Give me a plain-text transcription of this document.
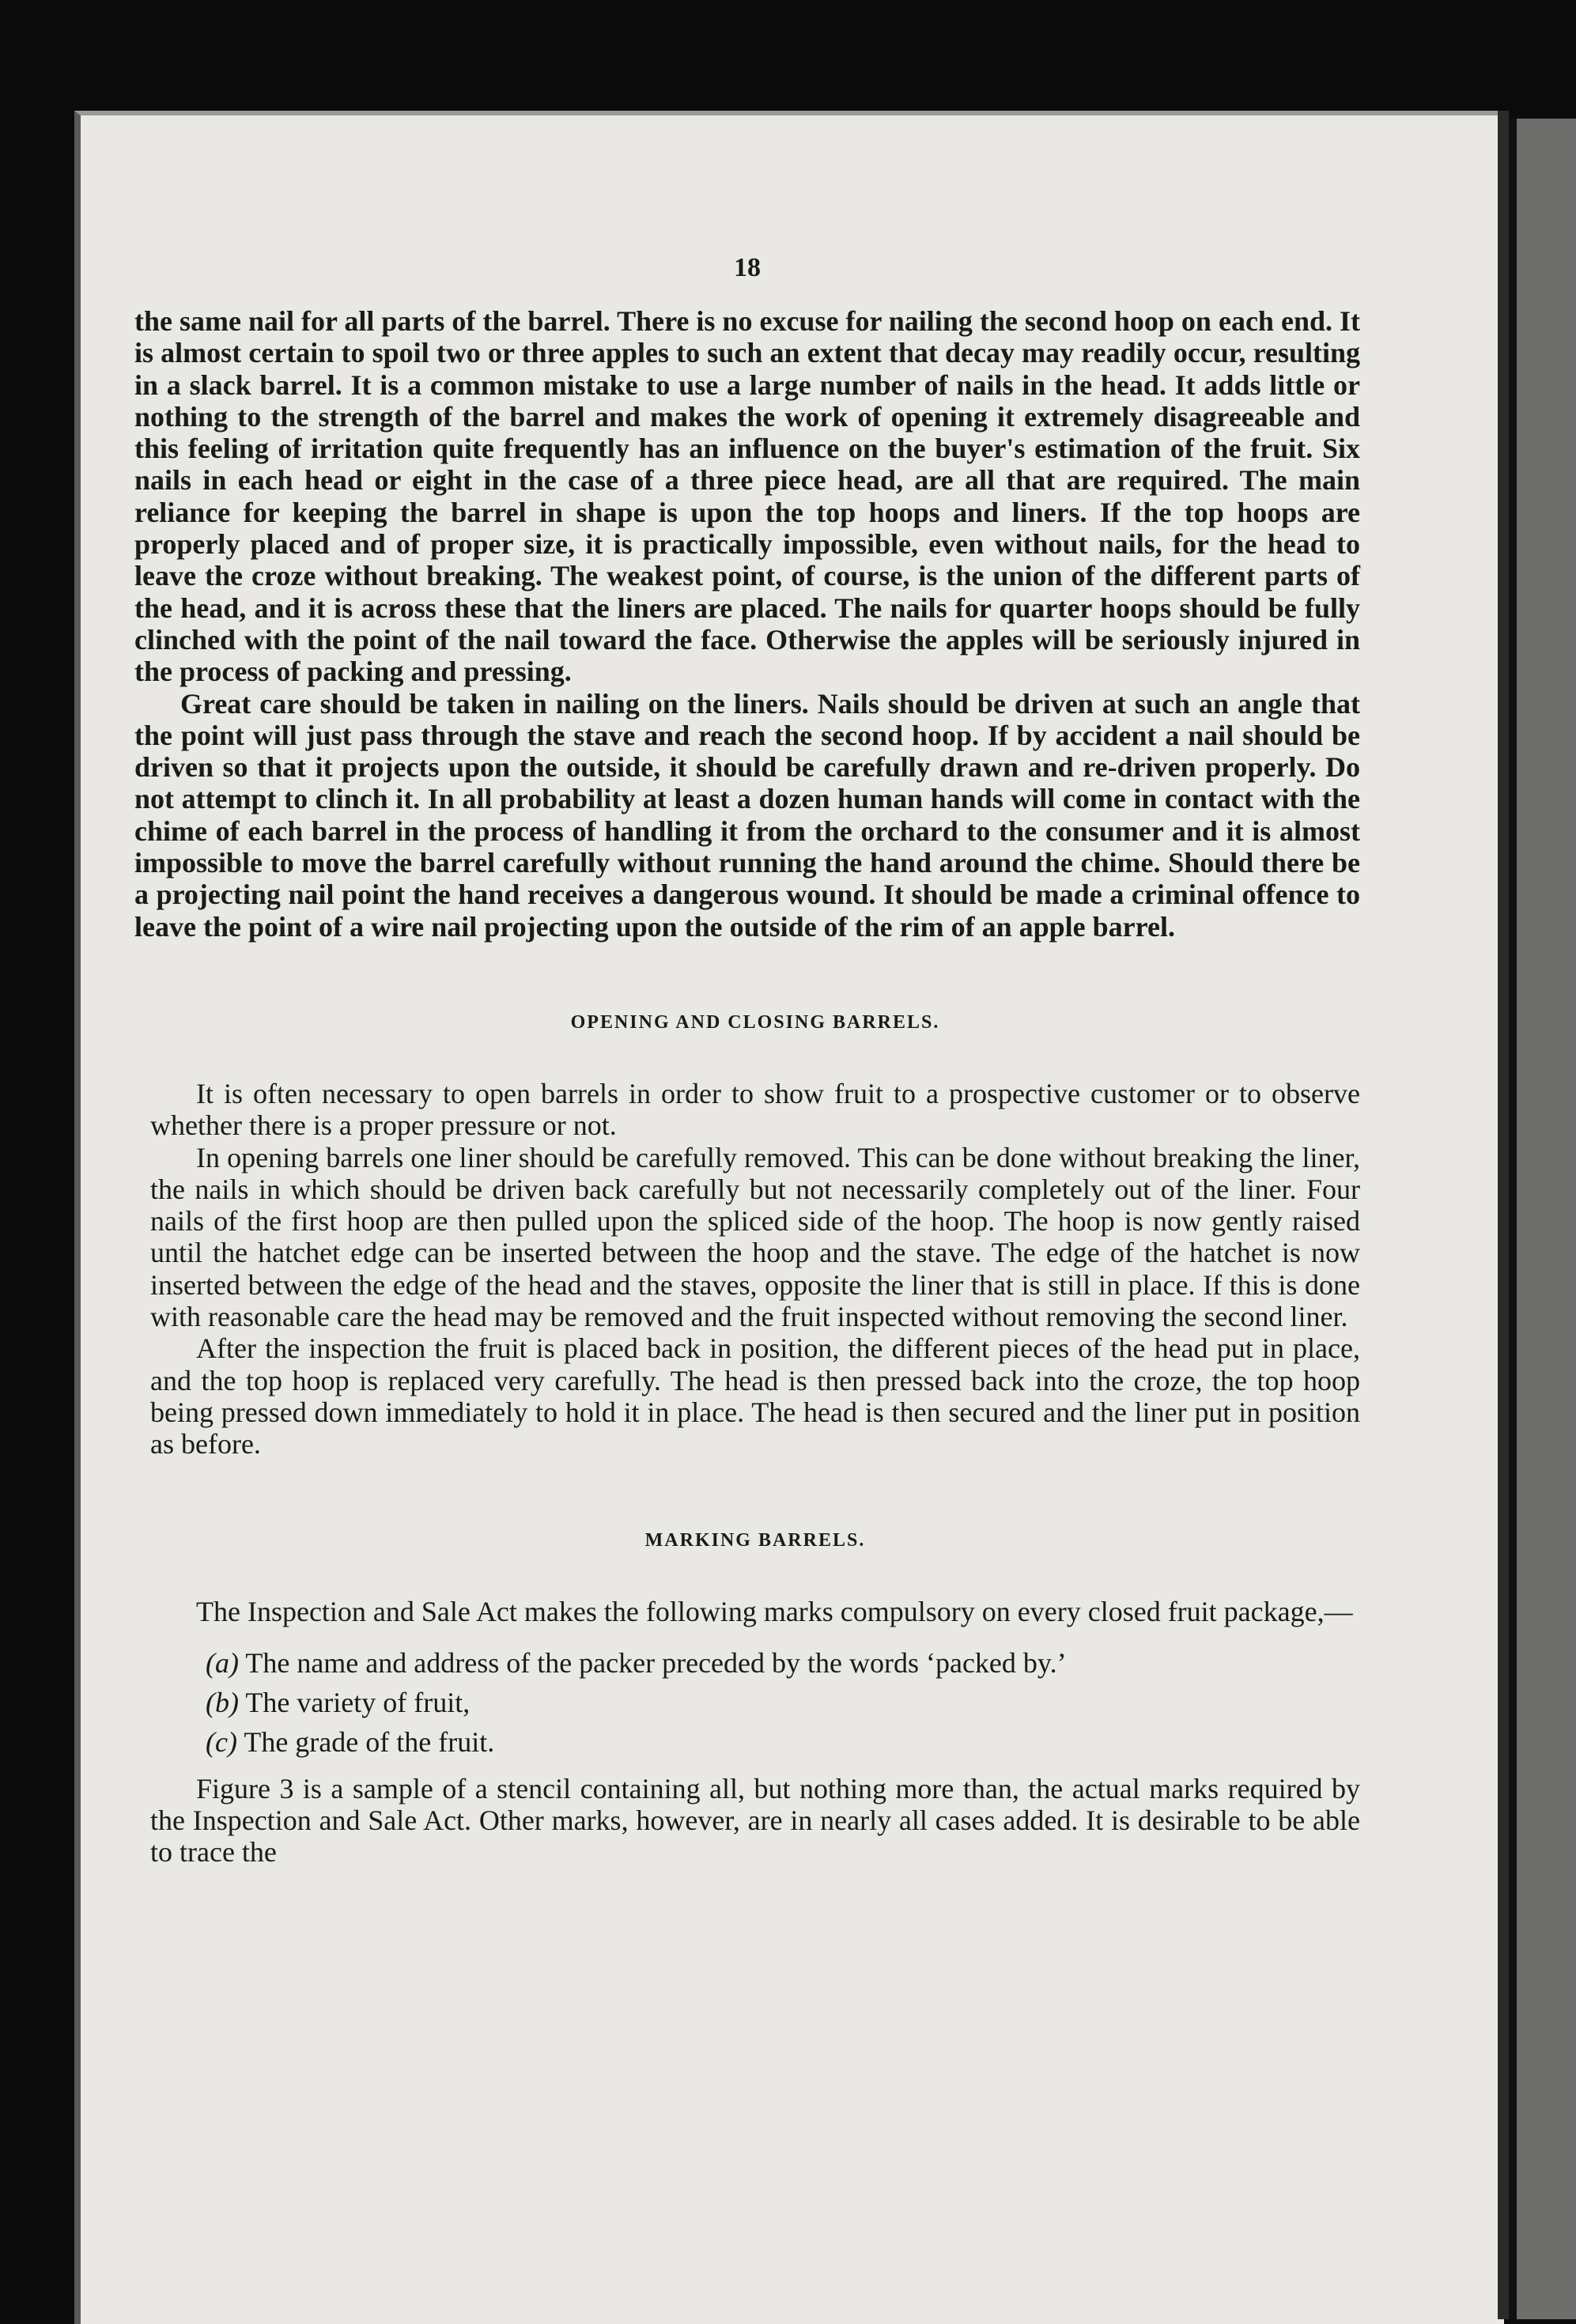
18

the same nail for all parts of the barrel. There is no excuse for nailing the second hoop on each end. It is almost certain to spoil two or three apples to such an extent that decay may readily occur, resulting in a slack barrel. It is a common mistake to use a large number of nails in the head. It adds little or nothing to the strength of the barrel and makes the work of opening it extremely disagreeable and this feeling of irritation quite frequently has an influence on the buyer's estimation of the fruit. Six nails in each head or eight in the case of a three piece head, are all that are required. The main reliance for keeping the barrel in shape is upon the top hoops and liners. If the top hoops are properly placed and of proper size, it is practically impossible, even without nails, for the head to leave the croze without breaking. The weakest point, of course, is the union of the different parts of the head, and it is across these that the liners are placed. The nails for quarter hoops should be fully clinched with the point of the nail toward the face. Otherwise the apples will be seriously injured in the process of packing and pressing.

Great care should be taken in nailing on the liners. Nails should be driven at such an angle that the point will just pass through the stave and reach the second hoop. If by accident a nail should be driven so that it projects upon the outside, it should be carefully drawn and re-driven properly. Do not attempt to clinch it. In all probability at least a dozen human hands will come in contact with the chime of each barrel in the process of handling it from the orchard to the consumer and it is almost impossible to move the barrel carefully without running the hand around the chime. Should there be a projecting nail point the hand receives a dangerous wound. It should be made a criminal offence to leave the point of a wire nail projecting upon the outside of the rim of an apple barrel.

OPENING AND CLOSING BARRELS.

It is often necessary to open barrels in order to show fruit to a prospective customer or to observe whether there is a proper pressure or not.

In opening barrels one liner should be carefully removed. This can be done without breaking the liner, the nails in which should be driven back carefully but not necessarily completely out of the liner. Four nails of the first hoop are then pulled upon the spliced side of the hoop. The hoop is now gently raised until the hatchet edge can be inserted between the hoop and the stave. The edge of the hatchet is now inserted between the edge of the head and the staves, opposite the liner that is still in place. If this is done with reasonable care the head may be removed and the fruit inspected without removing the second liner.

After the inspection the fruit is placed back in position, the different pieces of the head put in place, and the top hoop is replaced very carefully. The head is then pressed back into the croze, the top hoop being pressed down immediately to hold it in place. The head is then secured and the liner put in position as before.

MARKING BARRELS.

The Inspection and Sale Act makes the following marks compulsory on every closed fruit package,—

(a) The name and address of the packer preceded by the words ‘packed by.’
(b) The variety of fruit,
(c) The grade of the fruit.

Figure 3 is a sample of a stencil containing all, but nothing more than, the actual marks required by the Inspection and Sale Act. Other marks, however, are in nearly all cases added. It is desirable to be able to trace the
